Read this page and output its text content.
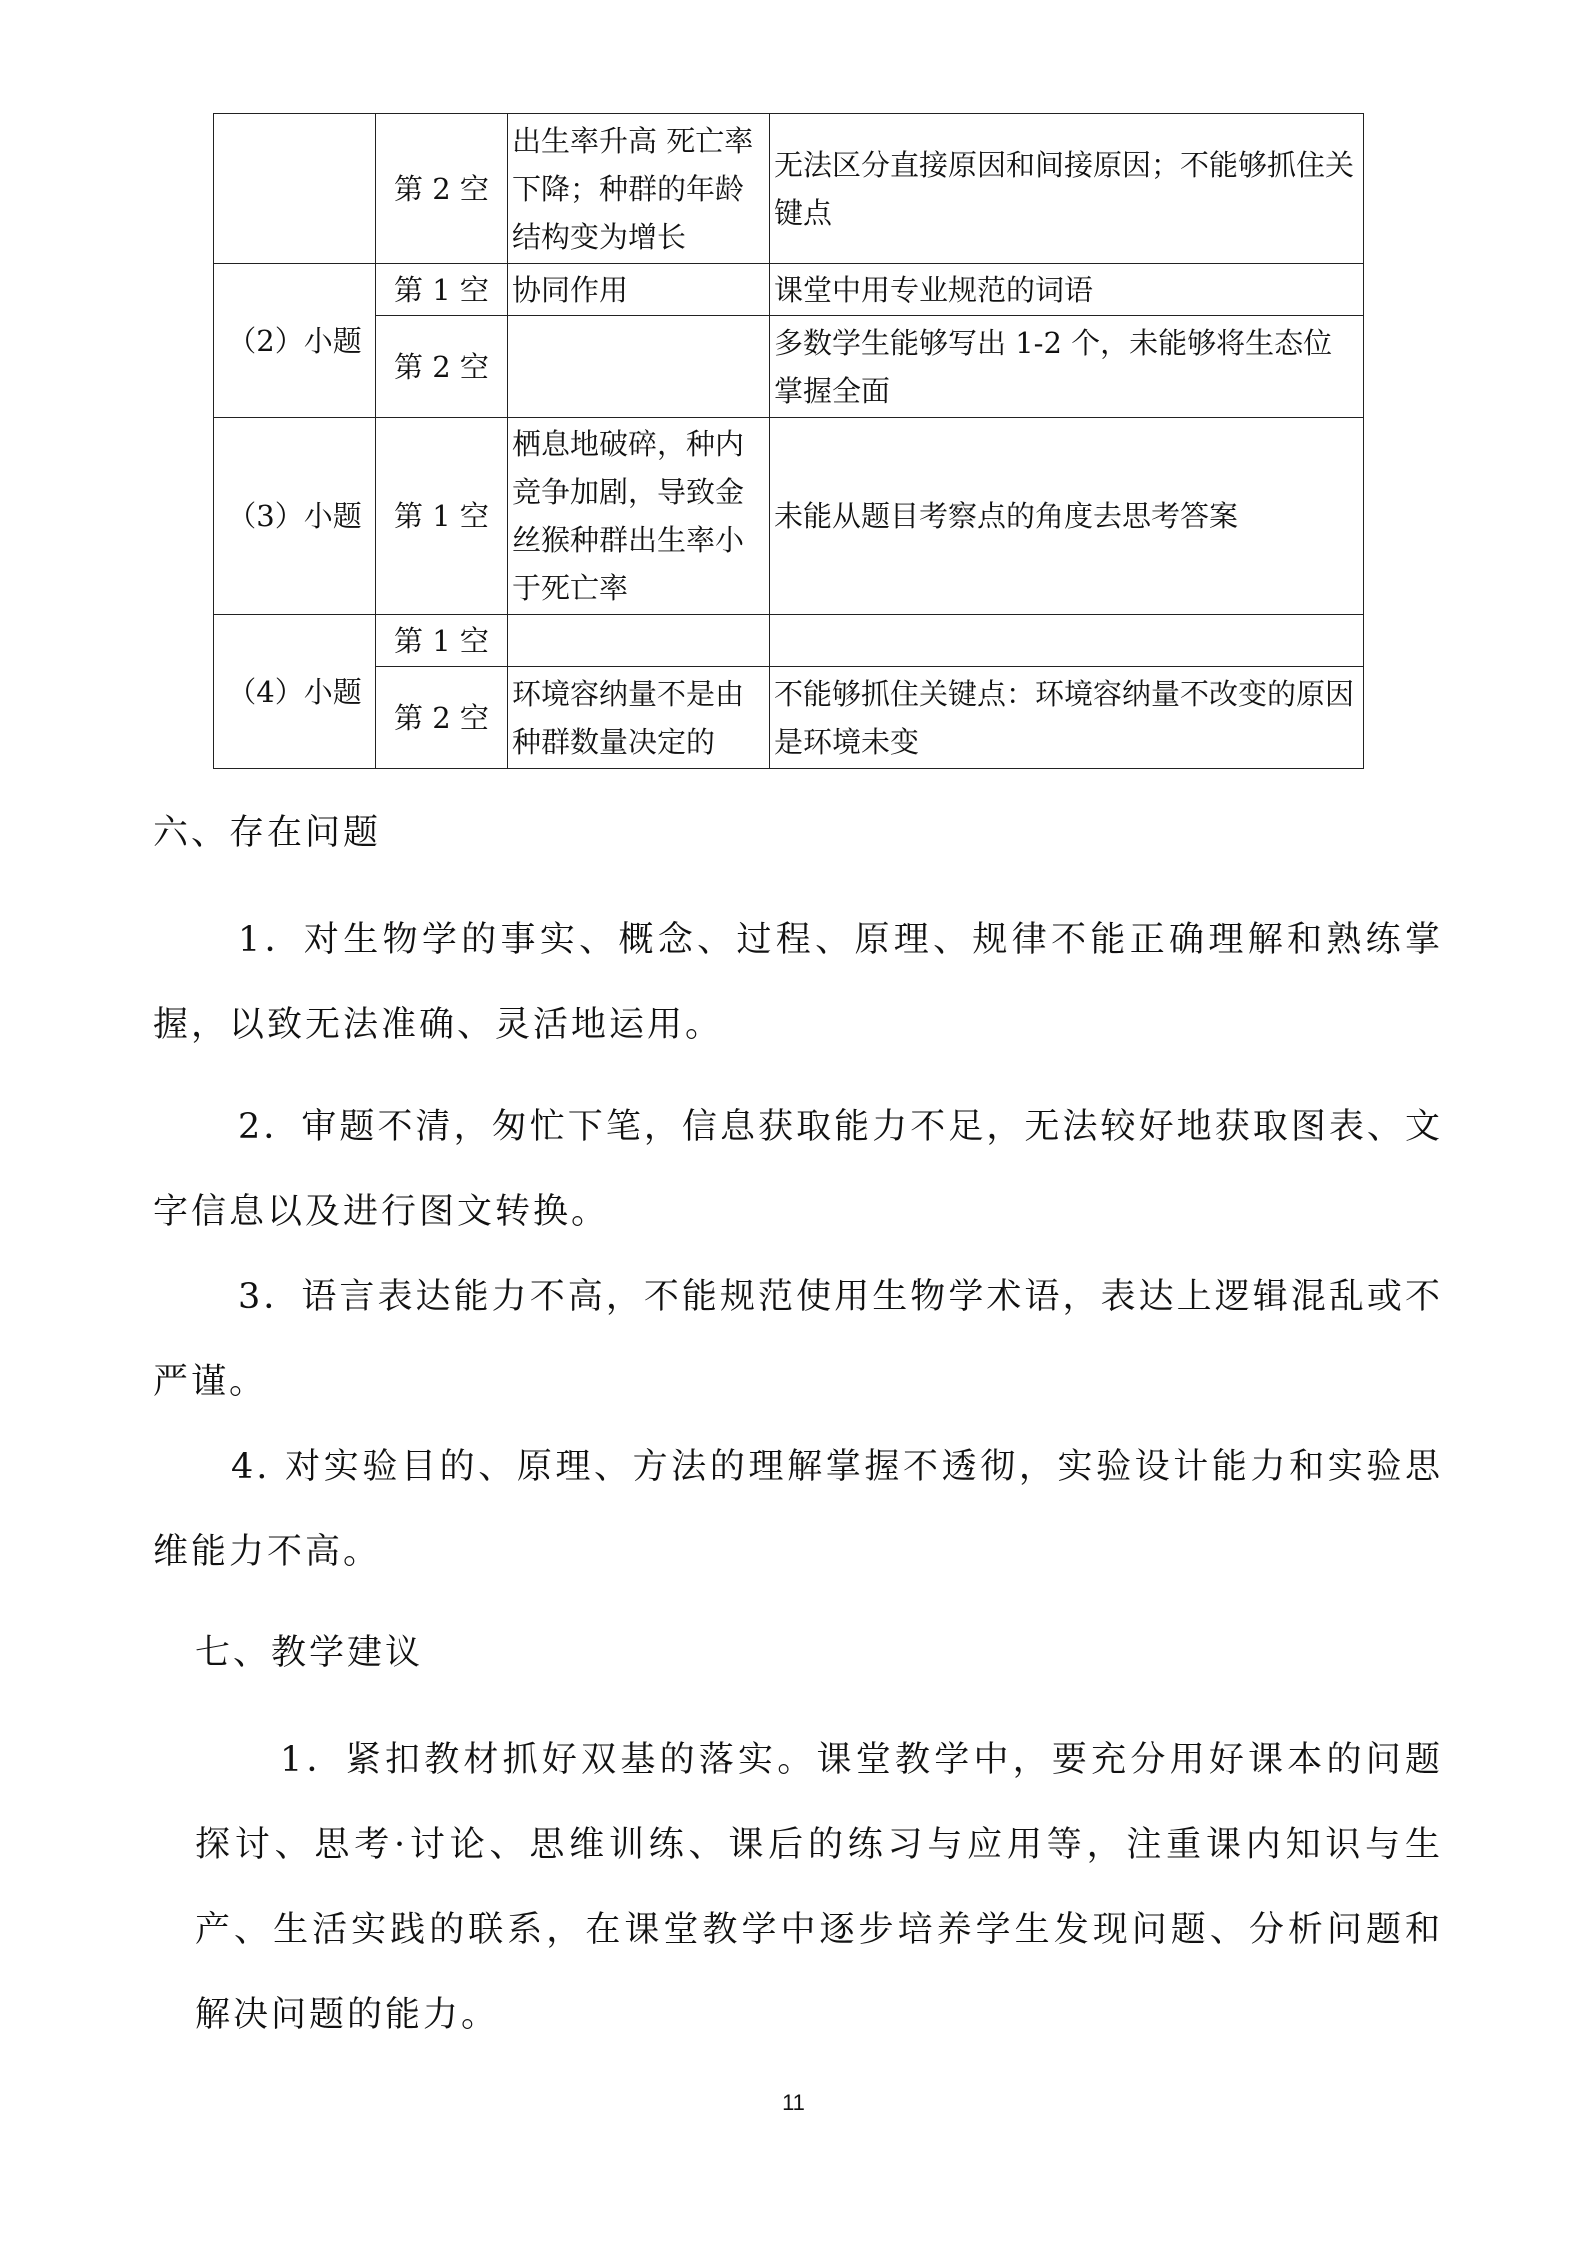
	第 2 空	出生率升高 死亡率下降；种群的年龄结构变为增长	无法区分直接原因和间接原因；不能够抓住关键点
（2）小题	第 1 空	协同作用	课堂中用专业规范的词语
	第 2 空		多数学生能够写出 1-2 个，未能够将生态位掌握全面
（3）小题	第 1 空	栖息地破碎，种内竞争加剧，导致金丝猴种群出生率小于死亡率	未能从题目考察点的角度去思考答案
（4）小题	第 1 空		
	第 2 空	环境容纳量不是由种群数量决定的	不能够抓住关键点：环境容纳量不改变的原因是环境未变
六、存在问题
1．对生物学的事实、概念、过程、原理、规律不能正确理解和熟练掌握，以致无法准确、灵活地运用。
2．审题不清，匆忙下笔，信息获取能力不足，无法较好地获取图表、文字信息以及进行图文转换。
3．语言表达能力不高，不能规范使用生物学术语，表达上逻辑混乱或不严谨。
4. 对实验目的、原理、方法的理解掌握不透彻，实验设计能力和实验思维能力不高。
七、教学建议
1．紧扣教材抓好双基的落实。课堂教学中，要充分用好课本的问题探讨、思考·讨论、思维训练、课后的练习与应用等，注重课内知识与生产、生活实践的联系，在课堂教学中逐步培养学生发现问题、分析问题和解决问题的能力。
11
